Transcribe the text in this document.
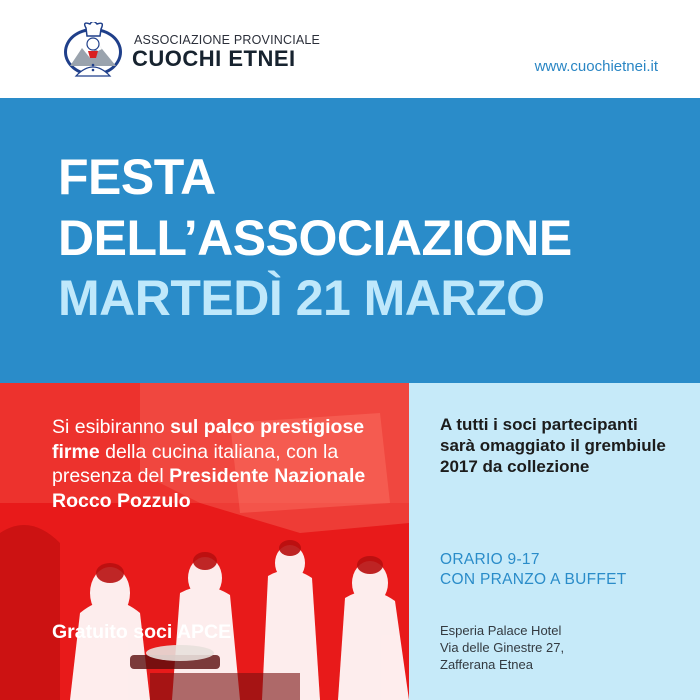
ASSOCIAZIONE PROVINCIALE
CUOCHI ETNEI	www.cuochietnei.it
FESTA
DELL’ASSOCIAZIONE
MARTEDÌ 21 MARZO
Si esibiranno sul palco prestigiose firme della cucina italiana, con la presenza del Presidente Nazionale Rocco Pozzulo
Gratuito soci APCE
A tutti i soci partecipanti sarà omaggiato il grembiule 2017 da collezione
ORARIO 9-17
CON PRANZO A BUFFET
Esperia Palace Hotel
Via delle Ginestre 27,
Zafferana Etnea
